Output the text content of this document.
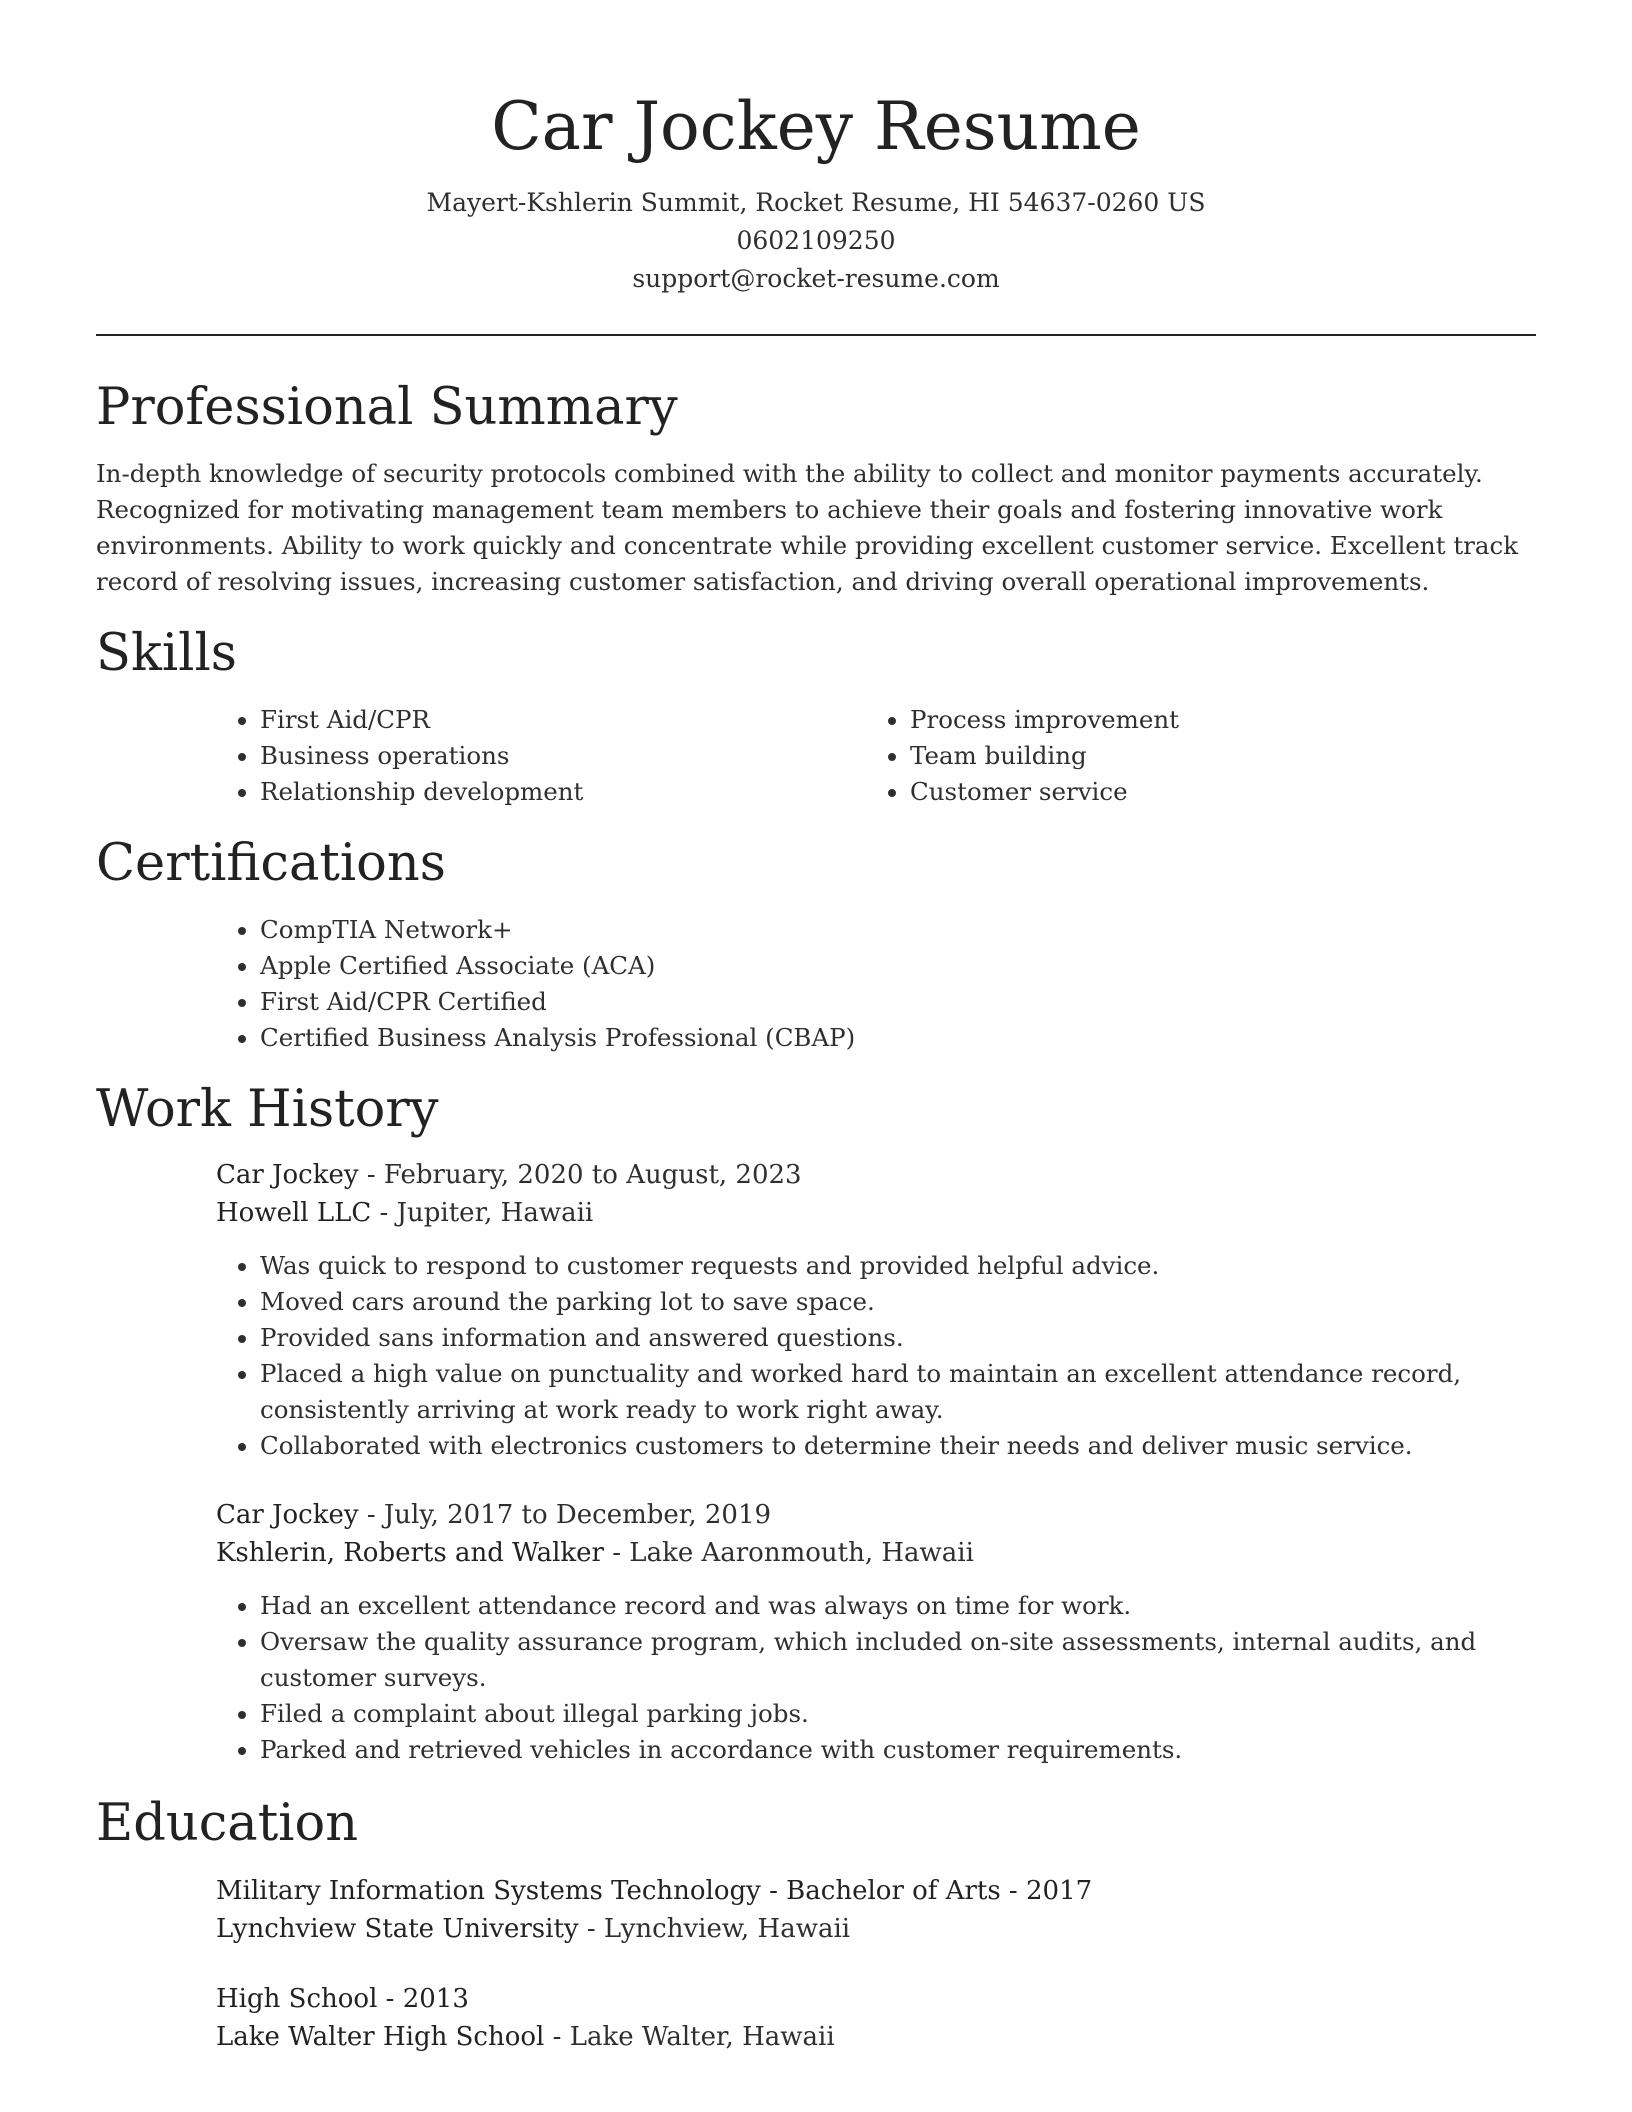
Car Jockey Resume
Mayert-Kshlerin Summit, Rocket Resume, HI 54637-0260 US
0602109250
support@rocket-resume.com
Professional Summary

In-depth knowledge of security protocols combined with the ability to collect and monitor payments accurately. Recognized for motivating management team members to achieve their goals and fostering innovative work environments. Ability to work quickly and concentrate while providing excellent customer service. Excellent track record of resolving issues, increasing customer satisfaction, and driving overall operational improvements.

Skills
• First Aid/CPR
• Business operations
• Relationship development
• Process improvement
• Team building
• Customer service
Certifications
• CompTIA Network+
• Apple Certified Associate (ACA)
• First Aid/CPR Certified
• Certified Business Analysis Professional (CBAP)
Work History
Car Jockey - February, 2020 to August, 2023
Howell LLC - Jupiter, Hawaii
• Was quick to respond to customer requests and provided helpful advice.
• Moved cars around the parking lot to save space.
• Provided sans information and answered questions.
• Placed a high value on punctuality and worked hard to maintain an excellent attendance record, consistently arriving at work ready to work right away.
• Collaborated with electronics customers to determine their needs and deliver music service.
Car Jockey - July, 2017 to December, 2019
Kshlerin, Roberts and Walker - Lake Aaronmouth, Hawaii
• Had an excellent attendance record and was always on time for work.
• Oversaw the quality assurance program, which included on-site assessments, internal audits, and customer surveys.
• Filed a complaint about illegal parking jobs.
• Parked and retrieved vehicles in accordance with customer requirements.
Education
Military Information Systems Technology - Bachelor of Arts - 2017
Lynchview State University - Lynchview, Hawaii
High School - 2013
Lake Walter High School - Lake Walter, Hawaii
